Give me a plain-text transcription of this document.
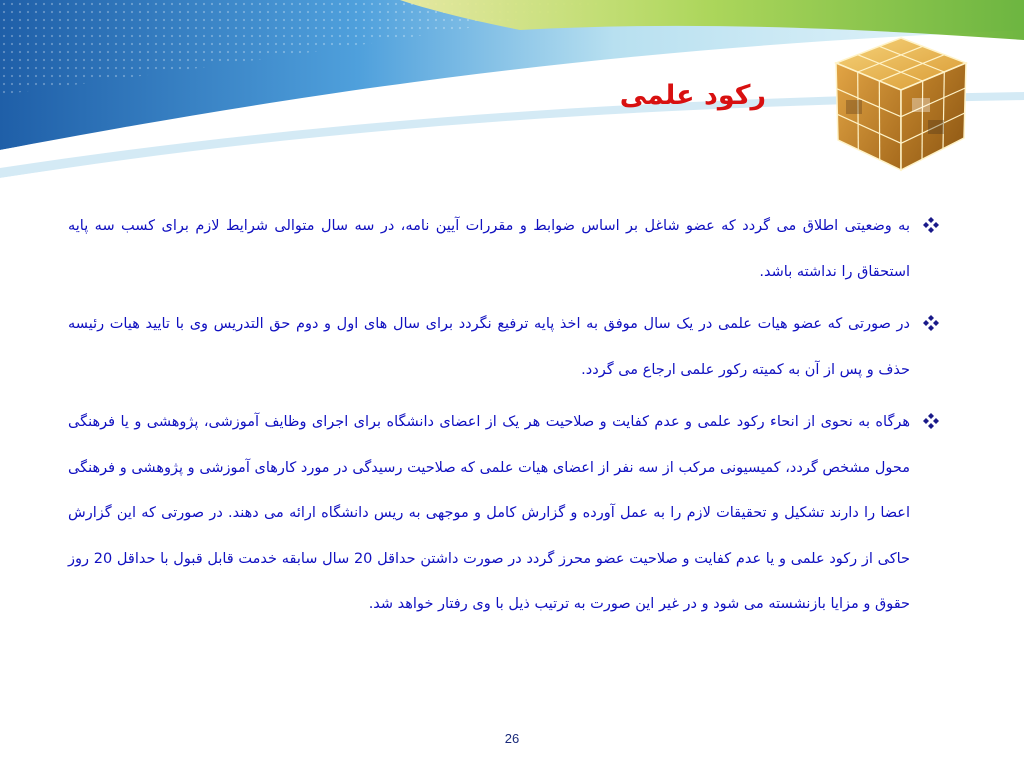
رکود علمی

به وضعیتی اطلاق می گردد که عضو شاغل بر اساس ضوابط و مقررات آیین نامه، در سه سال متوالی شرایط لازم برای کسب سه پایه استحقاق را نداشته باشد.

در صورتی که عضو هیات علمی در یک سال موفق به اخذ پایه ترفیع نگردد برای سال های اول و دوم حق التدریس وی با تایید هیات رئیسه حذف و پس از آن به کمیته رکور علمی ارجاع می گردد.

هرگاه به نحوی از انحاء رکود علمی و عدم کفایت و صلاحیت هر یک از اعضای دانشگاه برای اجرای وظایف آموزشی، پژوهشی و یا فرهنگی محول مشخص گردد، کمیسیونی مرکب از سه نفر از اعضای هیات علمی که صلاحیت رسیدگی در مورد کارهای آموزشی و پژوهشی و فرهنگی اعضا را دارند تشکیل و تحقیقات لازم را به عمل آورده و گزارش کامل و موجهی به ریس دانشگاه ارائه می دهند. در صورتی که این گزارش حاکی از رکود علمی و یا عدم کفایت و صلاحیت عضو محرز گردد در صورت داشتن حداقل 20 سال سابقه خدمت قابل قبول با حداقل 20 روز حقوق و مزایا بازنشسته می شود و در غیر این صورت به ترتیب ذیل با وی رفتار خواهد شد.

26
